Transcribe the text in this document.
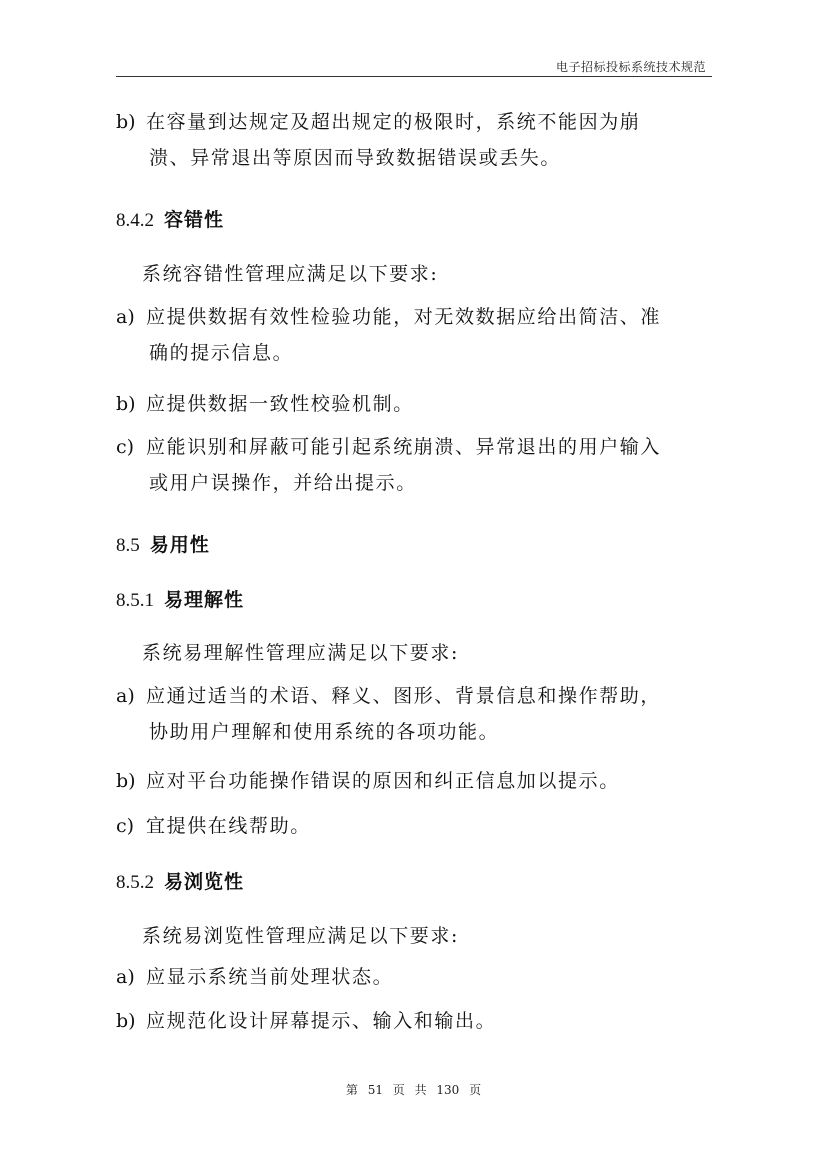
电子招标投标系统技术规范
b) 在容量到达规定及超出规定的极限时，系统不能因为崩
溃、异常退出等原因而导致数据错误或丢失。
8.4.2 容错性
系统容错性管理应满足以下要求:
a) 应提供数据有效性检验功能，对无效数据应给出简洁、准
确的提示信息。
b) 应提供数据一致性校验机制。
c) 应能识别和屏蔽可能引起系统崩溃、异常退出的用户输入
或用户误操作，并给出提示。
8.5 易用性
8.5.1 易理解性
系统易理解性管理应满足以下要求:
a) 应通过适当的术语、释义、图形、背景信息和操作帮助，
协助用户理解和使用系统的各项功能。
b) 应对平台功能操作错误的原因和纠正信息加以提示。
c) 宜提供在线帮助。
8.5.2 易浏览性
系统易浏览性管理应满足以下要求:
a) 应显示系统当前处理状态。
b) 应规范化设计屏幕提示、输入和输出。
第 51 页 共 130 页
